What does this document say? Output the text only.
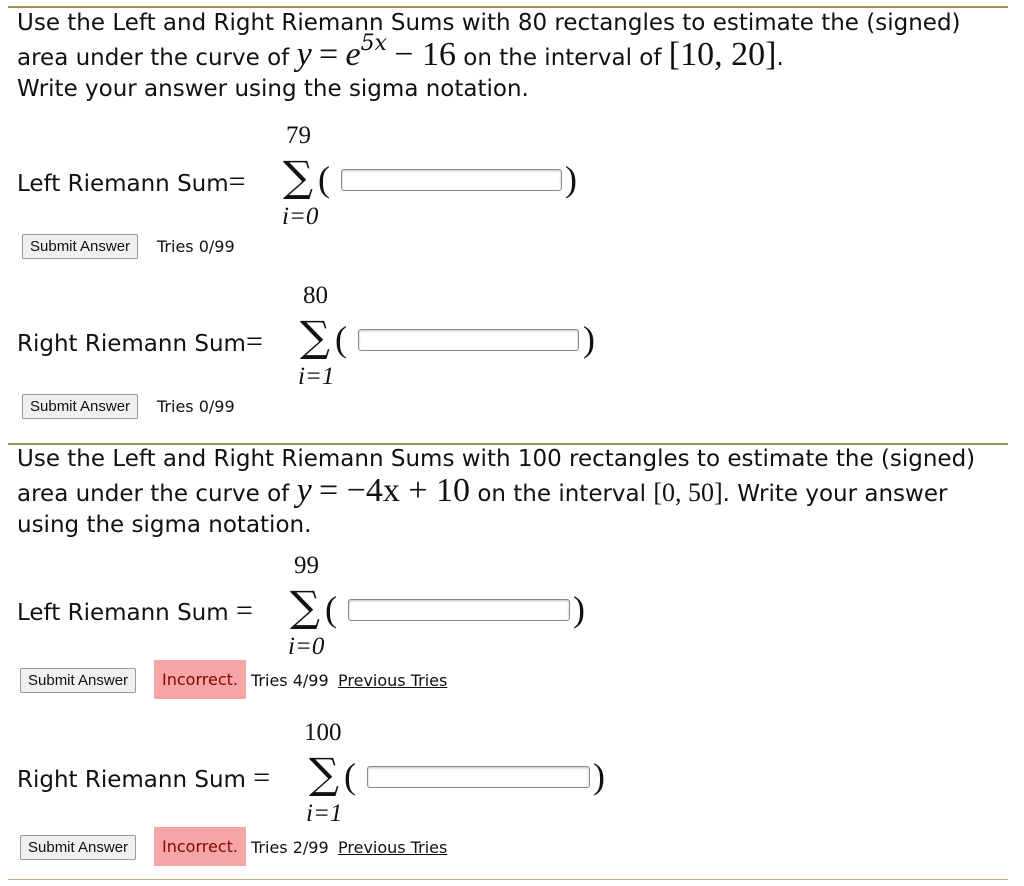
Use the Left and Right Riemann Sums with 80 rectangles to estimate the (signed) area under the curve of $y = e^{5x} - 16$ on the interval of [10, 20].
Write your answer using the sigma notation.
Left Riemann Sum=
79
∑ (	)
i=0
Submit Answer	Tries 0/99
Right Riemann Sum=
80
∑ (	)
i=1
Submit Answer	Tries 0/99
Use the Left and Right Riemann Sums with 100 rectangles to estimate the (signed) area under the curve of y = −4x + 10 on the interval [0, 50]. Write your answer using the sigma notation.
Left Riemann Sum =
99
∑ (	)
i=0
Submit Answer	Incorrect. Tries 4/99 Previous Tries
Right Riemann Sum =
100
∑ (	)
i=1
Submit Answer	Incorrect. Tries 2/99 Previous Tries
